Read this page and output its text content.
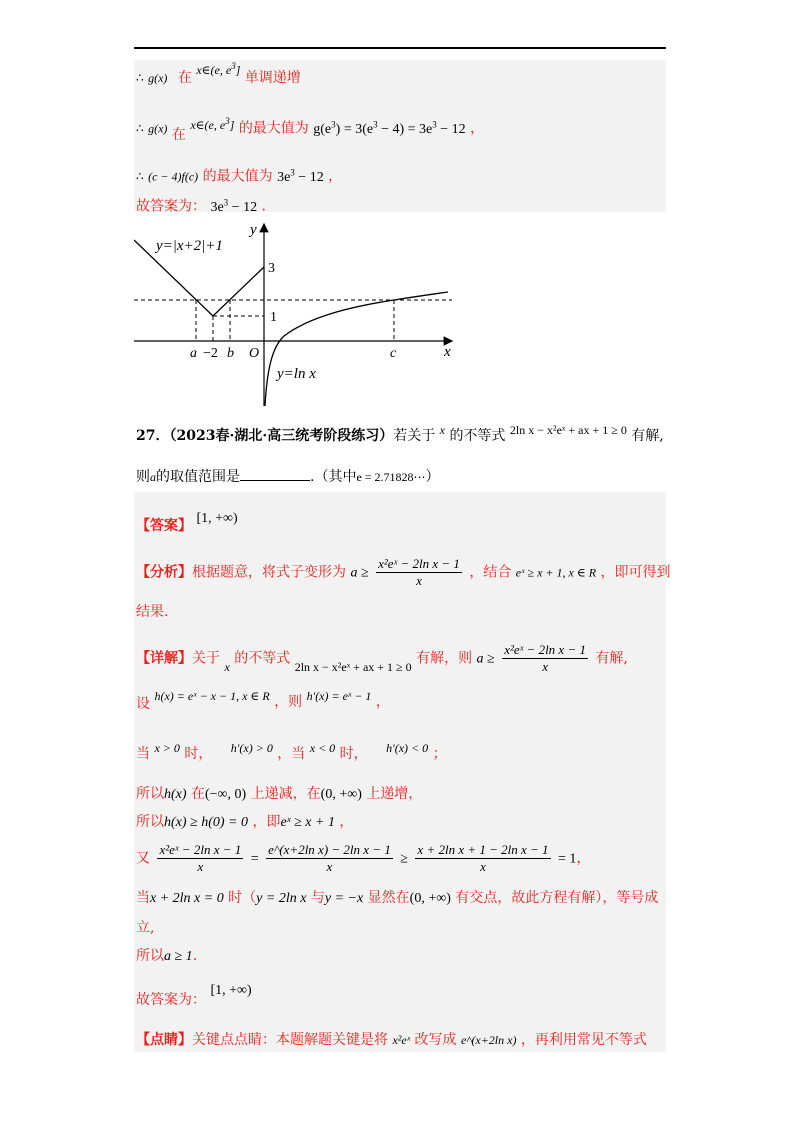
∴ g(x) 在 x∈(e, $e^3$] 单调递增
∴ g(x) 在 x∈(e, $e^3$] 的最大值为 $g(e^3) = 3(e^3 - 4) = 3e^3 - 12$ ，
∴ (c − 4)f(c) 的最大值为 $3e^3 - 12$ ，
故答案为： $3e^3 - 12$ .
y=|x+2|+1
y=ln x
y
x
3
1
a −2 b O	c
27．（2023春·湖北·高三统考阶段练习）若关于 x 的不等式 2ln x − x²eˣ + ax + 1 ≥ 0 有解,
则a的取值范围是	.（其中e = 2.71828⋯）
【答案】 [1, +∞)
【分析】根据题意，将式子变形为 $a \ge \frac{\text{x²eˣ − 2ln x − 1}}{x}$ ，结合 eˣ ≥ x + 1, x ∈ R ，即可得到
结果.
【详解】关于 x 的不等式 2ln x − x²eˣ + ax + 1 ≥ 0 有解，则 $a \ge \frac{\text{x²eˣ − 2ln x − 1}}{x}$ 有解,
设 h(x) = eˣ − x − 1, x ∈ R ，则 h′(x) = eˣ − 1 ，
当 x > 0 时， h′(x) > 0 ，当 x < 0 时， h′(x) < 0 ；
所以h(x) 在(−∞, 0) 上递减，在(0, +∞) 上递增，
所以h(x) ≥ h(0) = 0 ，即eˣ ≥ x + 1 ，
又 $\frac{\text{x²eˣ − 2ln x − 1}}{x} = \frac{\text{e\textasciicircum{}(x+2ln x) − 2ln x − 1}}{x} \ge \frac{\text{x + 2ln x + 1 − 2ln x − 1}}{x} = 1$，
当x + 2ln x = 0 时（y = 2ln x 与y = −x 显然在(0, +∞) 有交点，故此方程有解），等号成
立,
所以a ≥ 1.
故答案为： [1, +∞)
【点睛】关键点点睛：本题解题关键是将 x²eˣ 改写成 e^(x+2ln x) ，再利用常见不等式
